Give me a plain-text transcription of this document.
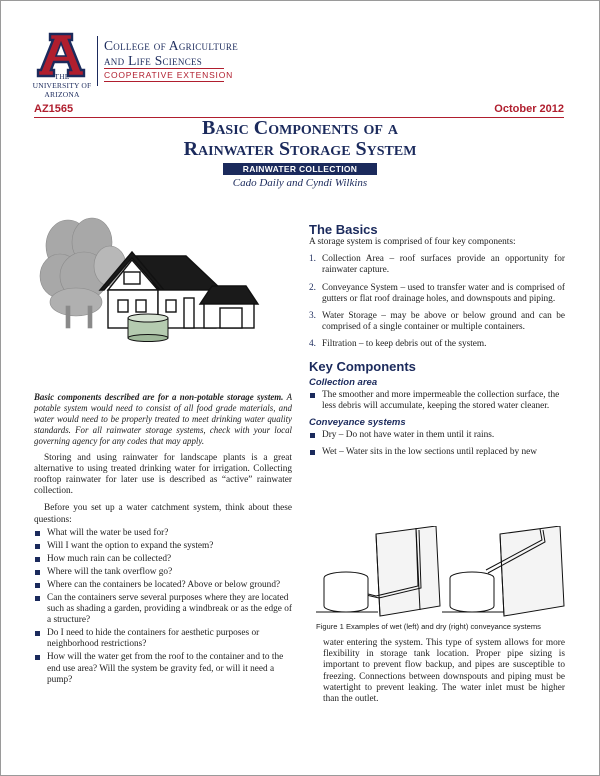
THE UNIVERSITY OF ARIZONA
College of Agriculture
and Life Sciences
COOPERATIVE EXTENSION
AZ1565	October 2012
Basic Components of a
Rainwater Storage System
RAINWATER COLLECTION
Cado Daily and Cyndi Wilkins

Basic components described are for a non-potable storage system. A potable system would need to consist of all food grade materials, and water would need to be properly treated to meet drinking water quality standards. For all rainwater storage systems, check with your local governing agency for any codes that may apply.

Storing and using rainwater for landscape plants is a great alternative to using treated drinking water for irrigation. Collecting rooftop rainwater for later use is described as “active” rainwater collection.

Before you set up a water catchment system, think about these questions:

What will the water be used for?
Will I want the option to expand the system?
How much rain can be collected?
Where will the tank overflow go?
Where can the containers be located? Above or below ground?
Can the containers serve several purposes where they are located such as shading a garden, providing a windbreak or as the edge of a structure?
Do I need to hide the containers for aesthetic purposes or neighborhood restrictions?
How will the water get from the roof to the container and to the end use area? Will the system be gravity fed, or will it need a pump?
The Basics

A storage system is comprised of four key components:

1. Collection Area – roof surfaces provide an opportunity for rainwater capture.
2. Conveyance System – used to transfer water and is comprised of gutters or flat roof drainage holes, and downspouts and piping.
3. Water Storage – may be above or below ground and can be comprised of a single container or multiple containers.
4. Filtration – to keep debris out of the system.
Key Components
Collection area
The smoother and more impermeable the collection surface, the less debris will accumulate, keeping the stored water cleaner.
Conveyance systems
Dry – Do not have water in them until it rains.
Wet – Water sits in the low sections until replaced by new
Figure 1 Examples of wet (left) and dry (right) conveyance systems

water entering the system. This type of system allows for more flexibility in storage tank location. Proper pipe sizing is important to prevent flow backup, and pipes are susceptible to freezing. Connections between downspouts and piping must be watertight to prevent leaking. The water inlet must be higher than the outlet.
